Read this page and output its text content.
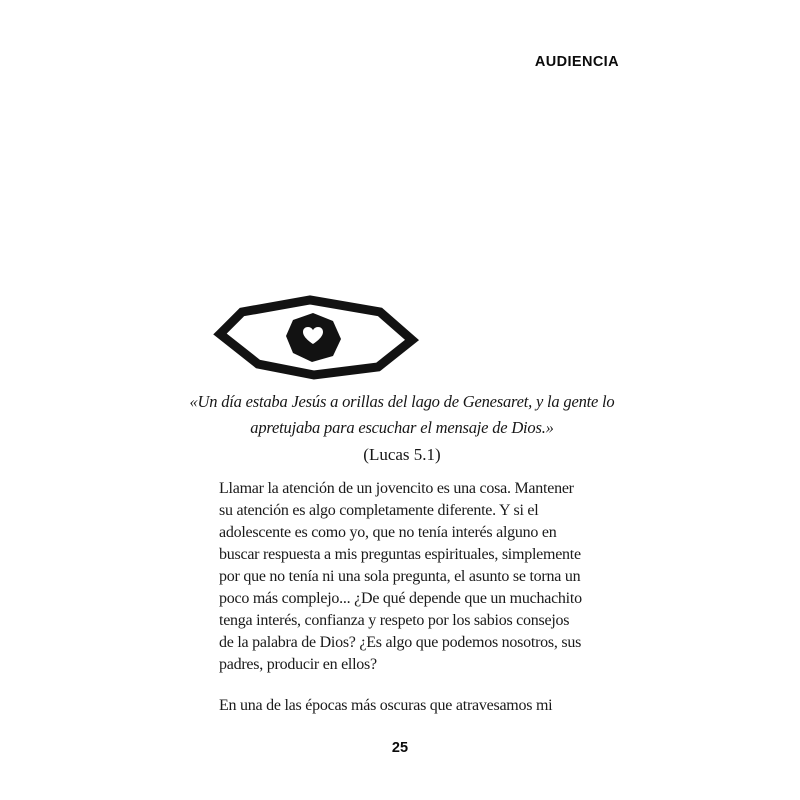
AUDIENCIA
«Un día estaba Jesús a orillas del lago de Genesaret, y la gente lo
apretujaba para escuchar el mensaje de Dios.»
(Lucas 5.1)
Llamar la atención de un jovencito es una cosa. Mantener
su atención es algo completamente diferente. Y si el
adolescente es como yo, que no tenía interés alguno en
buscar respuesta a mis preguntas espirituales, simplemente
por que no tenía ni una sola pregunta, el asunto se torna un
poco más complejo... ¿De qué depende que un muchachito
tenga interés, confianza y respeto por los sabios consejos
de la palabra de Dios? ¿Es algo que podemos nosotros, sus
padres, producir en ellos?
En una de las épocas más oscuras que atravesamos mi
25
